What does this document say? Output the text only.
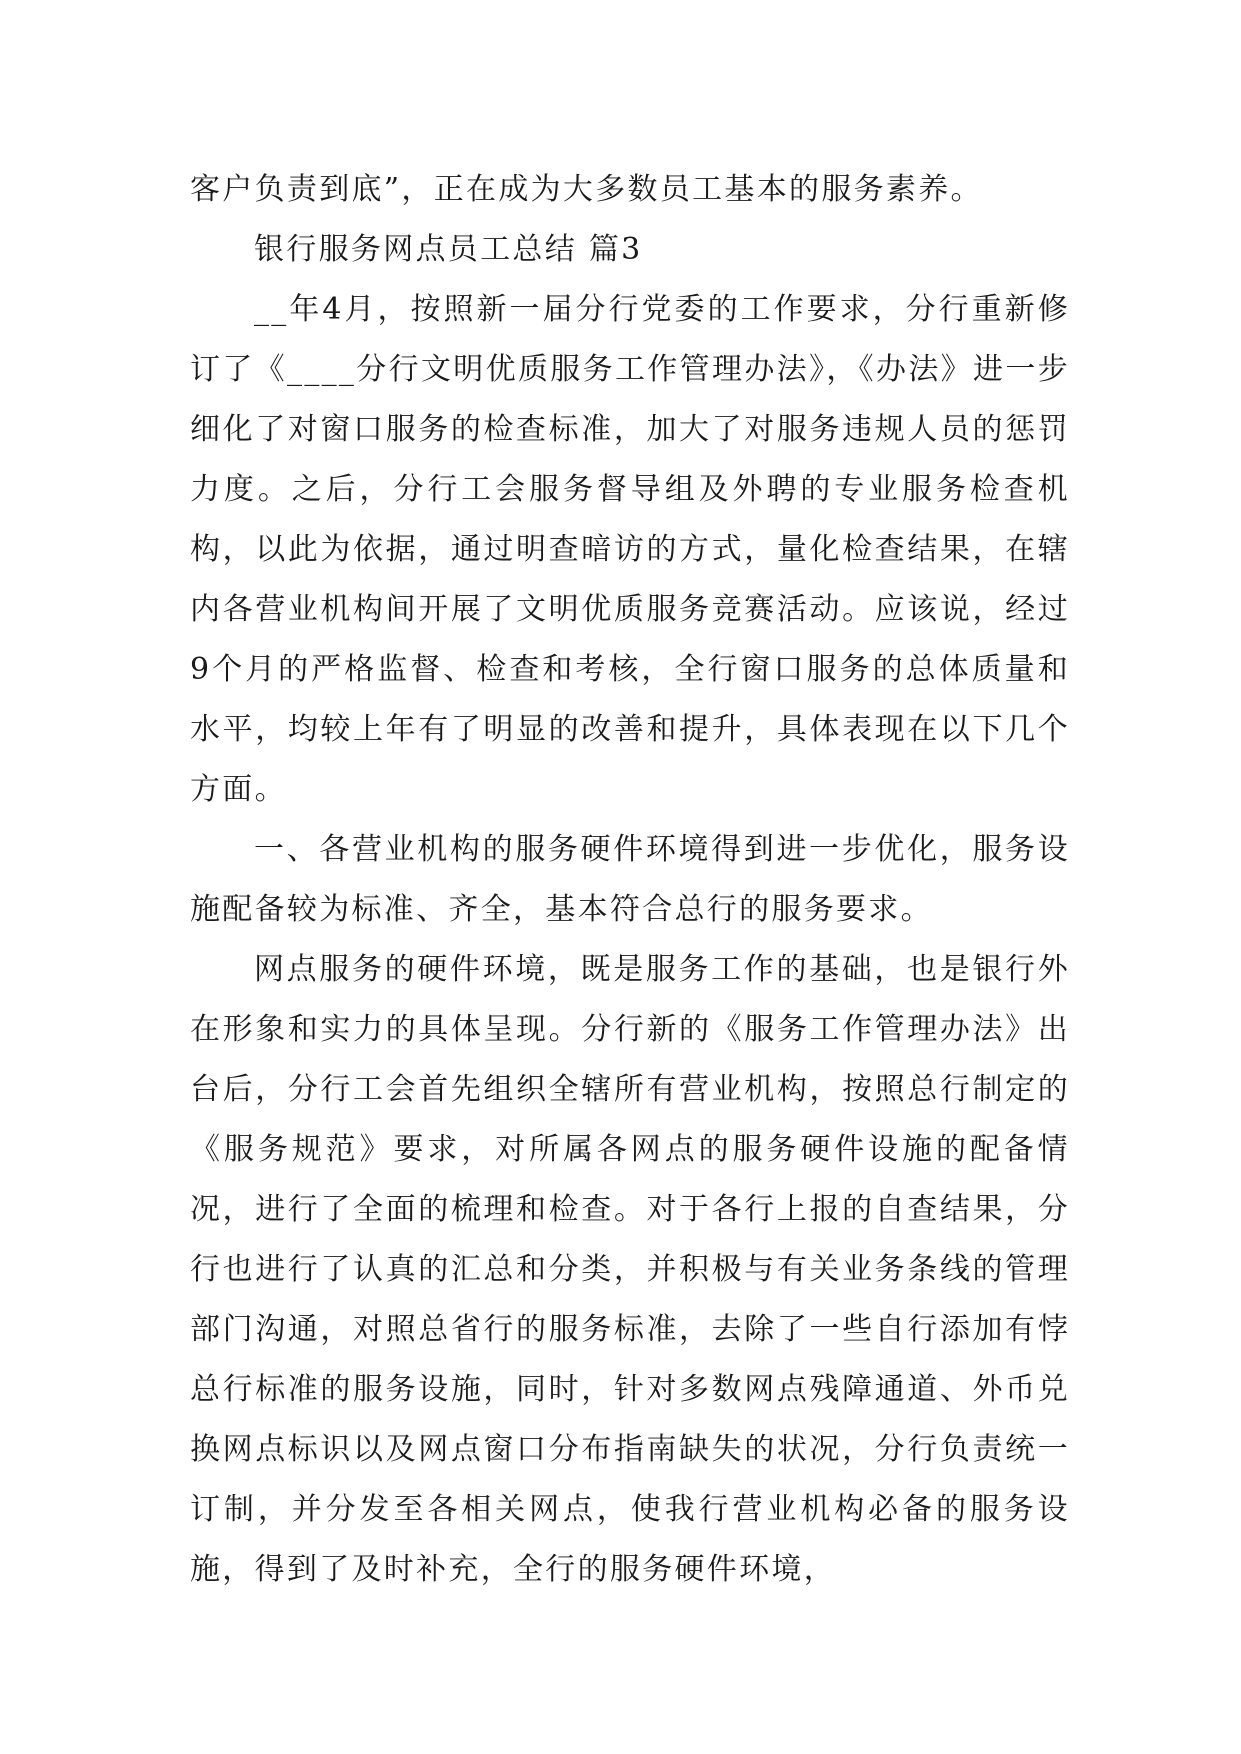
客户负责到底”，正在成为大多数员工基本的服务素养。

银行服务网点员工总结 篇3

__年4月，按照新一届分行党委的工作要求，分行重新修订了《____分行文明优质服务工作管理办法》，《办法》进一步细化了对窗口服务的检查标准，加大了对服务违规人员的惩罚力度。之后，分行工会服务督导组及外聘的专业服务检查机构，以此为依据，通过明查暗访的方式，量化检查结果，在辖内各营业机构间开展了文明优质服务竞赛活动。应该说，经过9个月的严格监督、检查和考核，全行窗口服务的总体质量和水平，均较上年有了明显的改善和提升，具体表现在以下几个方面。

一、各营业机构的服务硬件环境得到进一步优化，服务设施配备较为标准、齐全，基本符合总行的服务要求。

网点服务的硬件环境，既是服务工作的基础，也是银行外在形象和实力的具体呈现。分行新的《服务工作管理办法》出台后，分行工会首先组织全辖所有营业机构，按照总行制定的《服务规范》要求，对所属各网点的服务硬件设施的配备情况，进行了全面的梳理和检查。对于各行上报的自查结果，分行也进行了认真的汇总和分类，并积极与有关业务条线的管理部门沟通，对照总省行的服务标准，去除了一些自行添加有悖总行标准的服务设施，同时，针对多数网点残障通道、外币兑换网点标识以及网点窗口分布指南缺失的状况，分行负责统一订制，并分发至各相关网点，使我行营业机构必备的服务设施，得到了及时补充，全行的服务硬件环境，
